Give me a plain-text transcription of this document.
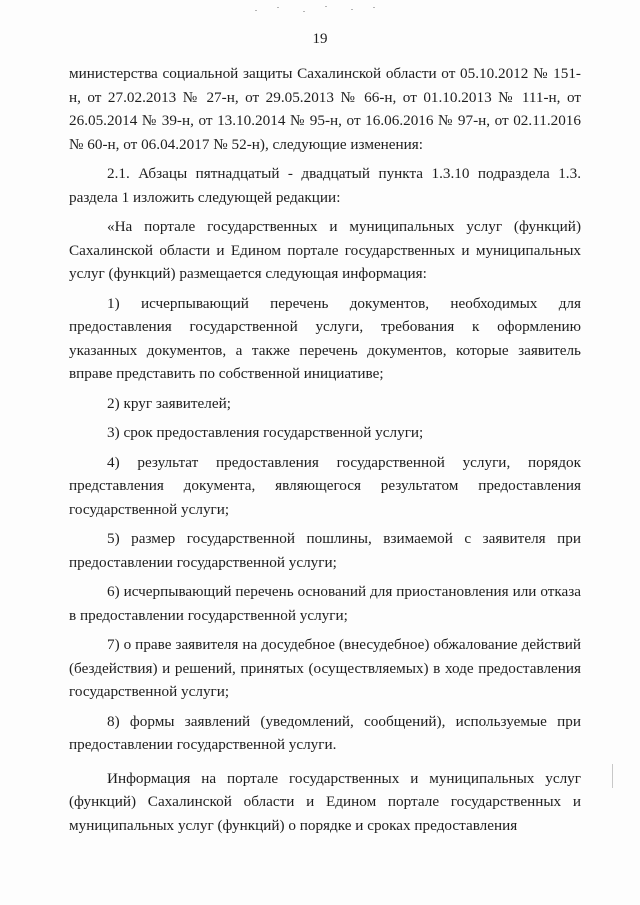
19

министерства социальной защиты Сахалинской области от 05.10.2012 № 151-н, от 27.02.2013 № 27-н, от 29.05.2013 № 66-н, от 01.10.2013 № 111-н, от 26.05.2014 № 39-н, от 13.10.2014 № 95-н, от 16.06.2016 № 97-н, от 02.11.2016 № 60-н, от 06.04.2017 № 52-н), следующие изменения:

2.1. Абзацы пятнадцатый - двадцатый пункта 1.3.10 подраздела 1.3. раздела 1 изложить следующей редакции:

«На портале государственных и муниципальных услуг (функций) Сахалинской области и Едином портале государственных и муниципальных услуг (функций) размещается следующая информация:

1) исчерпывающий перечень документов, необходимых для предоставления государственной услуги, требования к оформлению указанных документов, а также перечень документов, которые заявитель вправе представить по собственной инициативе;

2) круг заявителей;

3) срок предоставления государственной услуги;

4) результат предоставления государственной услуги, порядок представления документа, являющегося результатом предоставления государственной услуги;

5) размер государственной пошлины, взимаемой с заявителя при предоставлении государственной услуги;

6) исчерпывающий перечень оснований для приостановления или отказа в предоставлении государственной услуги;

7) о праве заявителя на досудебное (внесудебное) обжалование действий (бездействия) и решений, принятых (осуществляемых) в ходе предоставления государственной услуги;

8) формы заявлений (уведомлений, сообщений), используемые при предоставлении государственной услуги.

Информация на портале государственных и муниципальных услуг (функций) Сахалинской области и Едином портале государственных и муниципальных услуг (функций) о порядке и сроках предоставления
